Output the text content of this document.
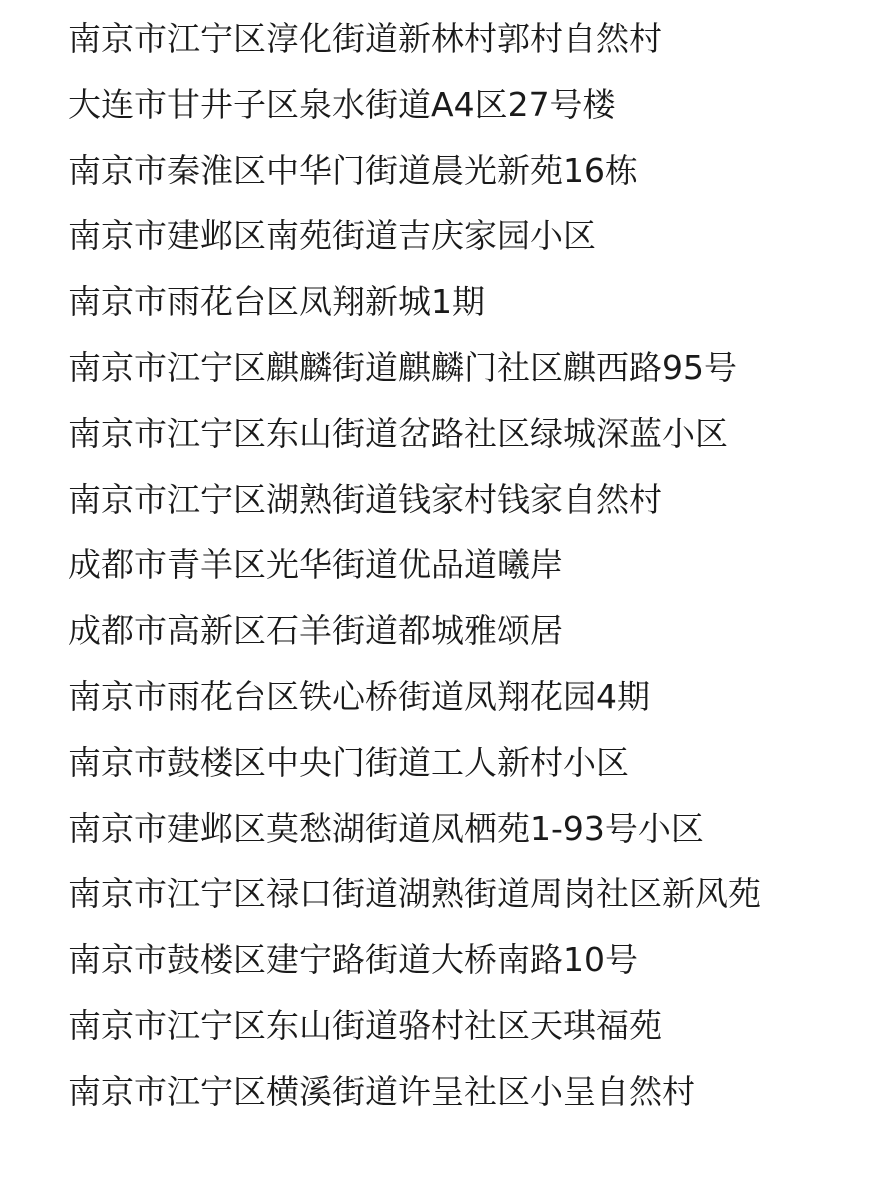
南京市江宁区淳化街道新林村郭村自然村
大连市甘井子区泉水街道A4区27号楼
南京市秦淮区中华门街道晨光新苑16栋
南京市建邺区南苑街道吉庆家园小区
南京市雨花台区凤翔新城1期
南京市江宁区麒麟街道麒麟门社区麒西路95号
南京市江宁区东山街道岔路社区绿城深蓝小区
南京市江宁区湖熟街道钱家村钱家自然村
成都市青羊区光华街道优品道曦岸
成都市高新区石羊街道都城雅颂居
南京市雨花台区铁心桥街道凤翔花园4期
南京市鼓楼区中央门街道工人新村小区
南京市建邺区莫愁湖街道凤栖苑1-93号小区
南京市江宁区禄口街道湖熟街道周岗社区新风苑
南京市鼓楼区建宁路街道大桥南路10号
南京市江宁区东山街道骆村社区天琪福苑
南京市江宁区横溪街道许呈社区小呈自然村
